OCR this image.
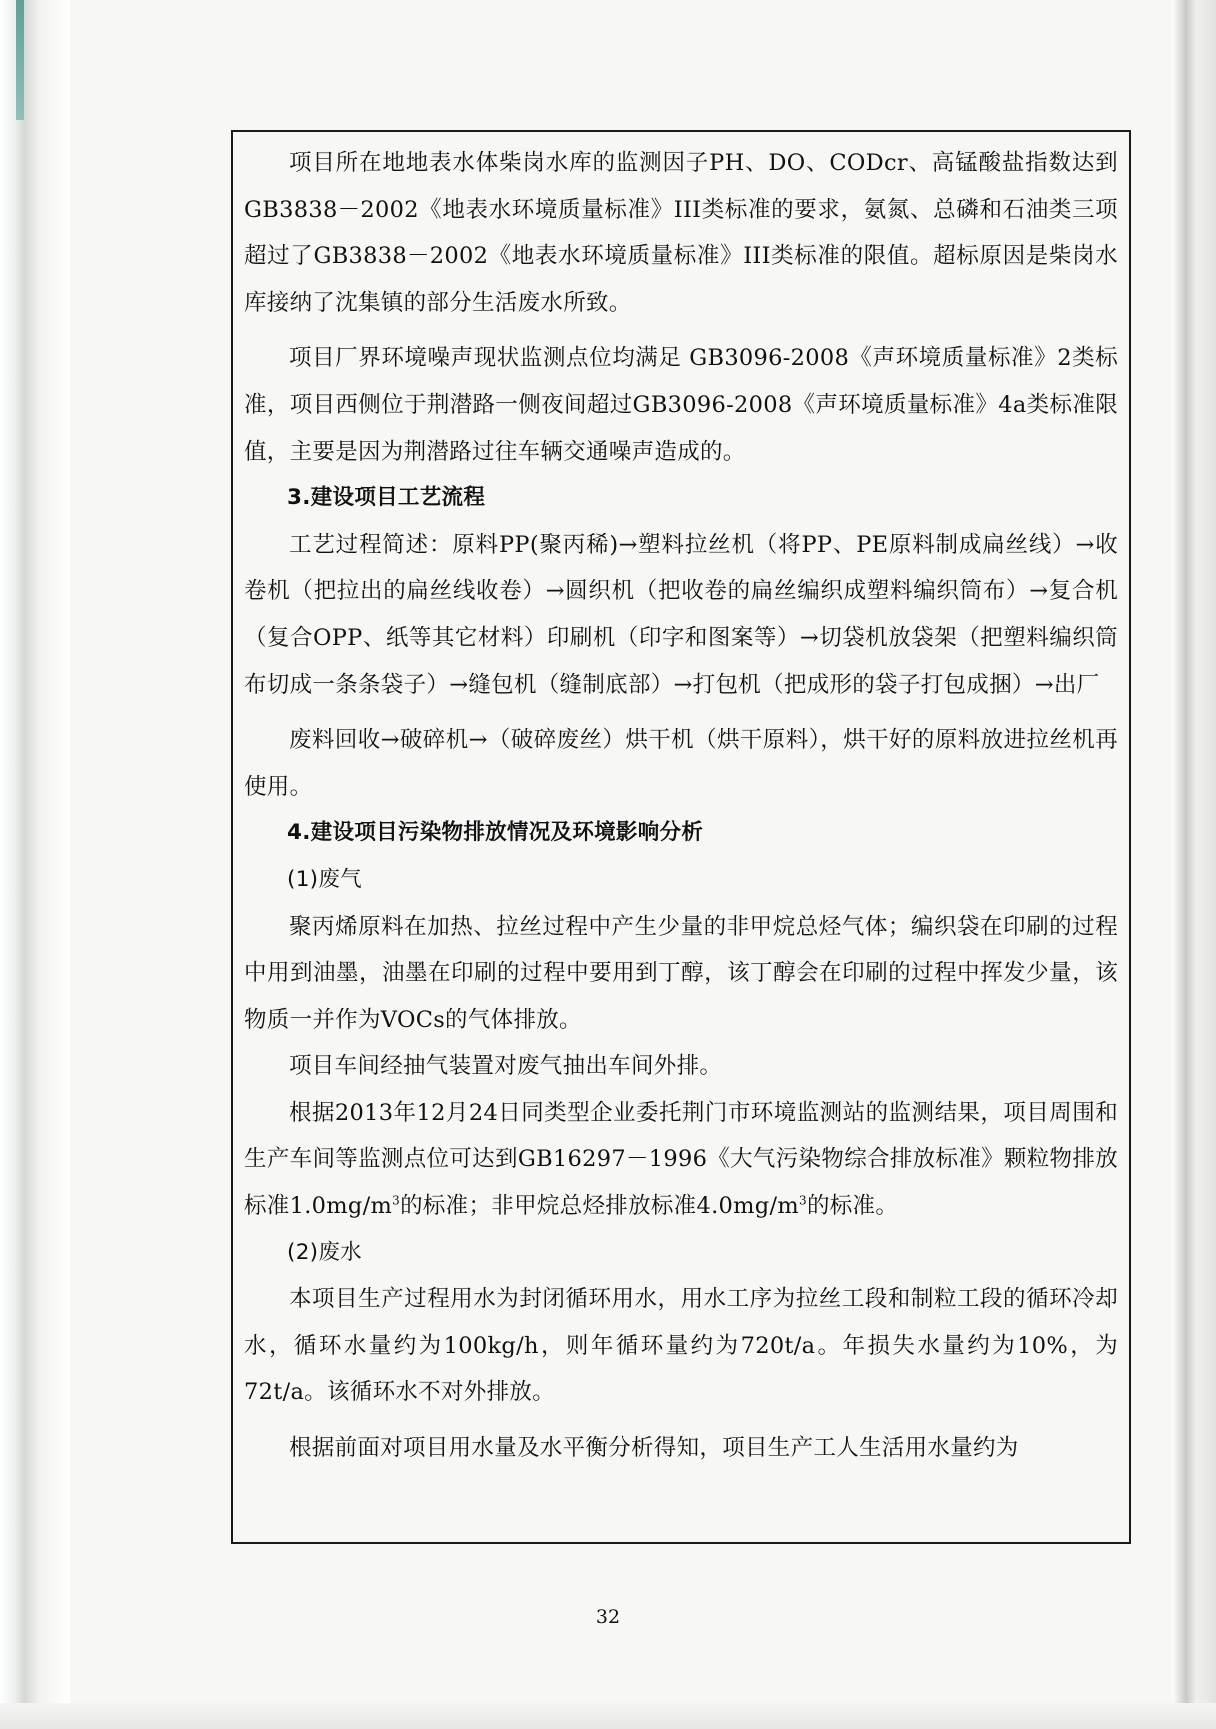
项目所在地地表水体柴岗水库的监测因子PH、DO、CODcr、高锰酸盐指数达到GB3838－2002《地表水环境质量标准》III类标准的要求，氨氮、总磷和石油类三项超过了GB3838－2002《地表水环境质量标准》III类标准的限值。超标原因是柴岗水库接纳了沈集镇的部分生活废水所致。

项目厂界环境噪声现状监测点位均满足 GB3096-2008《声环境质量标准》2类标准，项目西侧位于荆潜路一侧夜间超过GB3096-2008《声环境质量标准》4a类标准限值，主要是因为荆潜路过往车辆交通噪声造成的。

3.建设项目工艺流程

工艺过程简述：原料PP(聚丙稀)→塑料拉丝机（将PP、PE原料制成扁丝线）→收卷机（把拉出的扁丝线收卷）→圆织机（把收卷的扁丝编织成塑料编织筒布）→复合机（复合OPP、纸等其它材料）印刷机（印字和图案等）→切袋机放袋架（把塑料编织筒布切成一条条袋子）→缝包机（缝制底部）→打包机（把成形的袋子打包成捆）→出厂

废料回收→破碎机→（破碎废丝）烘干机（烘干原料），烘干好的原料放进拉丝机再使用。

4.建设项目污染物排放情况及环境影响分析

(1)废气

聚丙烯原料在加热、拉丝过程中产生少量的非甲烷总烃气体；编织袋在印刷的过程中用到油墨，油墨在印刷的过程中要用到丁醇，该丁醇会在印刷的过程中挥发少量，该物质一并作为VOCs的气体排放。

项目车间经抽气装置对废气抽出车间外排。

根据2013年12月24日同类型企业委托荆门市环境监测站的监测结果，项目周围和生产车间等监测点位可达到GB16297－1996《大气污染物综合排放标准》颗粒物排放标准$1.0mg/m^3$的标准；非甲烷总烃排放标准$4.0mg/m^3$的标准。

(2)废水

本项目生产过程用水为封闭循环用水，用水工序为拉丝工段和制粒工段的循环冷却水，循环水量约为100kg/h，则年循环量约为720t/a。年损失水量约为10%，为72t/a。该循环水不对外排放。

根据前面对项目用水量及水平衡分析得知，项目生产工人生活用水量约为

32
